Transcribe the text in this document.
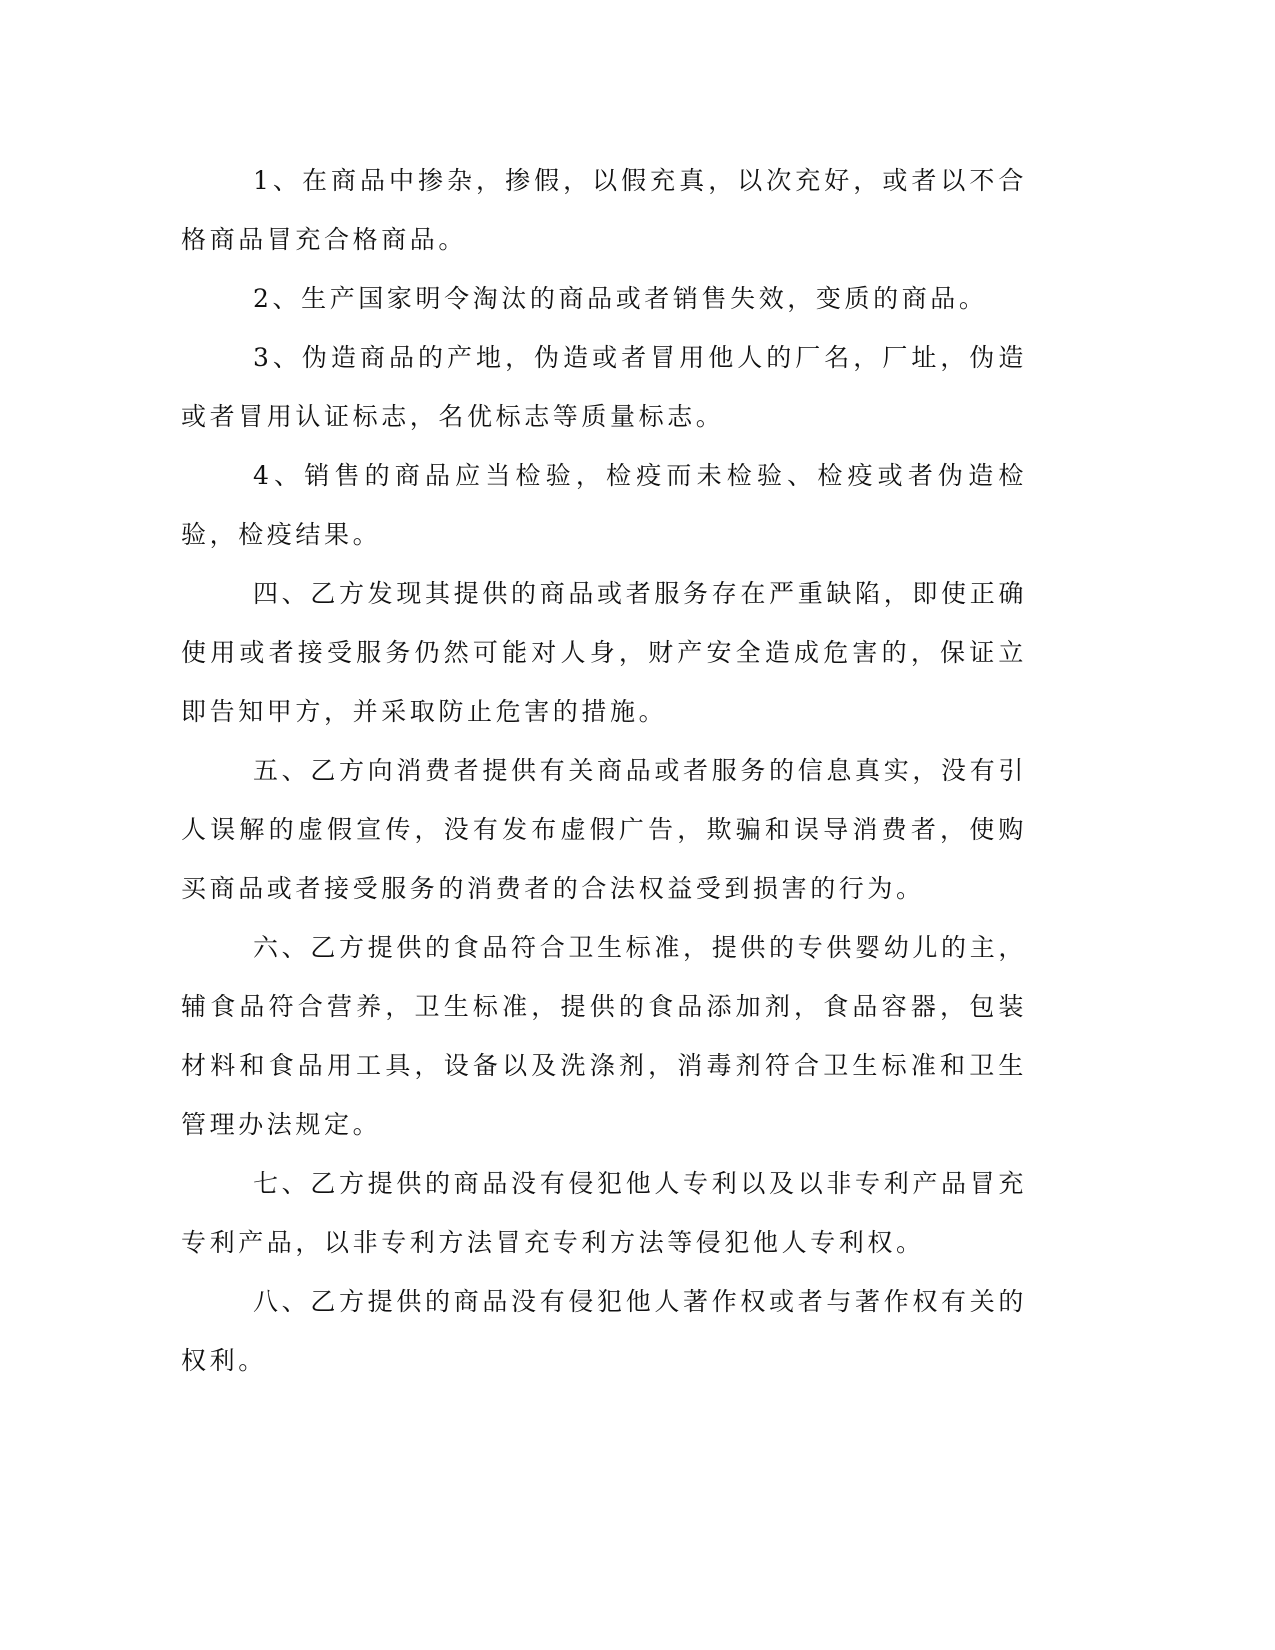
1、在商品中掺杂，掺假，以假充真，以次充好，或者以不合格商品冒充合格商品。

2、生产国家明令淘汰的商品或者销售失效，变质的商品。

3、伪造商品的产地，伪造或者冒用他人的厂名，厂址，伪造或者冒用认证标志，名优标志等质量标志。

4、销售的商品应当检验，检疫而未检验、检疫或者伪造检验，检疫结果。

四、乙方发现其提供的商品或者服务存在严重缺陷，即使正确使用或者接受服务仍然可能对人身，财产安全造成危害的，保证立即告知甲方，并采取防止危害的措施。

五、乙方向消费者提供有关商品或者服务的信息真实，没有引人误解的虚假宣传，没有发布虚假广告，欺骗和误导消费者，使购买商品或者接受服务的消费者的合法权益受到损害的行为。

六、乙方提供的食品符合卫生标准，提供的专供婴幼儿的主，辅食品符合营养，卫生标准，提供的食品添加剂，食品容器，包装材料和食品用工具，设备以及洗涤剂，消毒剂符合卫生标准和卫生管理办法规定。

七、乙方提供的商品没有侵犯他人专利以及以非专利产品冒充专利产品，以非专利方法冒充专利方法等侵犯他人专利权。

八、乙方提供的商品没有侵犯他人著作权或者与著作权有关的权利。
